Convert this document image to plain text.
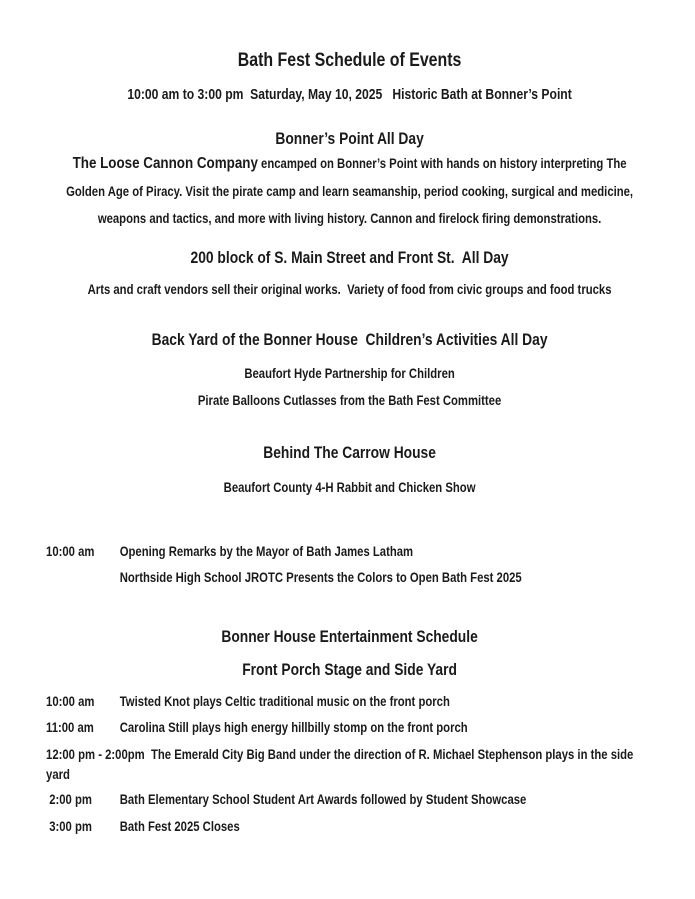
Bath Fest Schedule of Events

10:00 am to 3:00 pm  Saturday, May 10, 2025   Historic Bath at Bonner’s Point

Bonner’s Point All Day

The Loose Cannon Company encamped on Bonner’s Point with hands on history interpreting The

Golden Age of Piracy. Visit the pirate camp and learn seamanship, period cooking, surgical and medicine,

weapons and tactics, and more with living history. Cannon and firelock firing demonstrations.

200 block of S. Main Street and Front St.  All Day

Arts and craft vendors sell their original works.  Variety of food from civic groups and food trucks

Back Yard of the Bonner House  Children’s Activities All Day

Beaufort Hyde Partnership for Children

Pirate Balloons Cutlasses from the Bath Fest Committee

Behind The Carrow House

Beaufort County 4-H Rabbit and Chicken Show

10:00 am Opening Remarks by the Mayor of Bath James Latham

Northside High School JROTC Presents the Colors to Open Bath Fest 2025

Bonner House Entertainment Schedule
Front Porch Stage and Side Yard

10:00 am Twisted Knot plays Celtic traditional music on the front porch

11:00 am Carolina Still plays high energy hillbilly stomp on the front porch

12:00 pm - 2:00pm The Emerald City Big Band under the direction of R. Michael Stephenson plays in the side yard

2:00 pm Bath Elementary School Student Art Awards followed by Student Showcase

3:00 pm Bath Fest 2025 Closes
